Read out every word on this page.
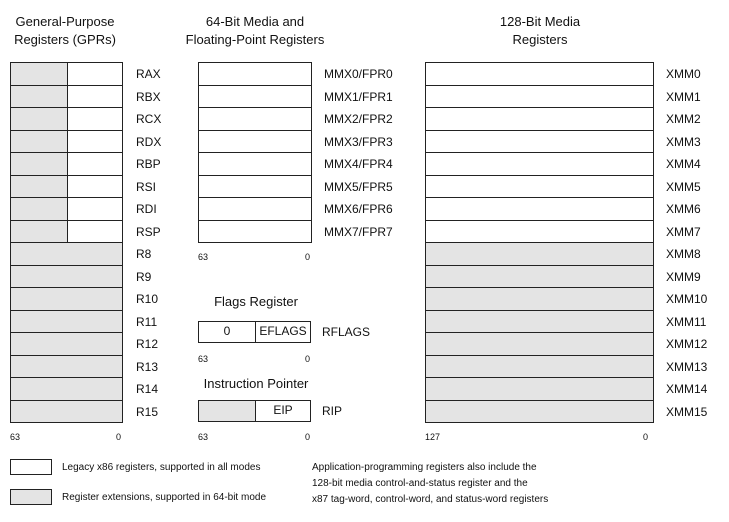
General-Purpose
Registers (GPRs)
RAX
RBX
RCX
RDX
RBP
RSI
RDI
RSP
R8
R9
R10
R11
R12
R13
R14
R15
63	0
64-Bit Media and
Floating-Point Registers
MMX0/FPR0
MMX1/FPR1
MMX2/FPR2
MMX3/FPR3
MMX4/FPR4
MMX5/FPR5
MMX6/FPR6
MMX7/FPR7
63	0
Flags Register
0	EFLAGS	RFLAGS
63	0
Instruction Pointer
EIP	RIP
63	0
128-Bit Media
Registers
XMM0
XMM1
XMM2
XMM3
XMM4
XMM5
XMM6
XMM7
XMM8
XMM9
XMM10
XMM11
XMM12
XMM13
XMM14
XMM15
127	0
Legacy x86 registers, supported in all modes
Register extensions, supported in 64-bit mode
Application-programming registers also include the
128-bit media control-and-status register and the
x87 tag-word, control-word, and status-word registers
